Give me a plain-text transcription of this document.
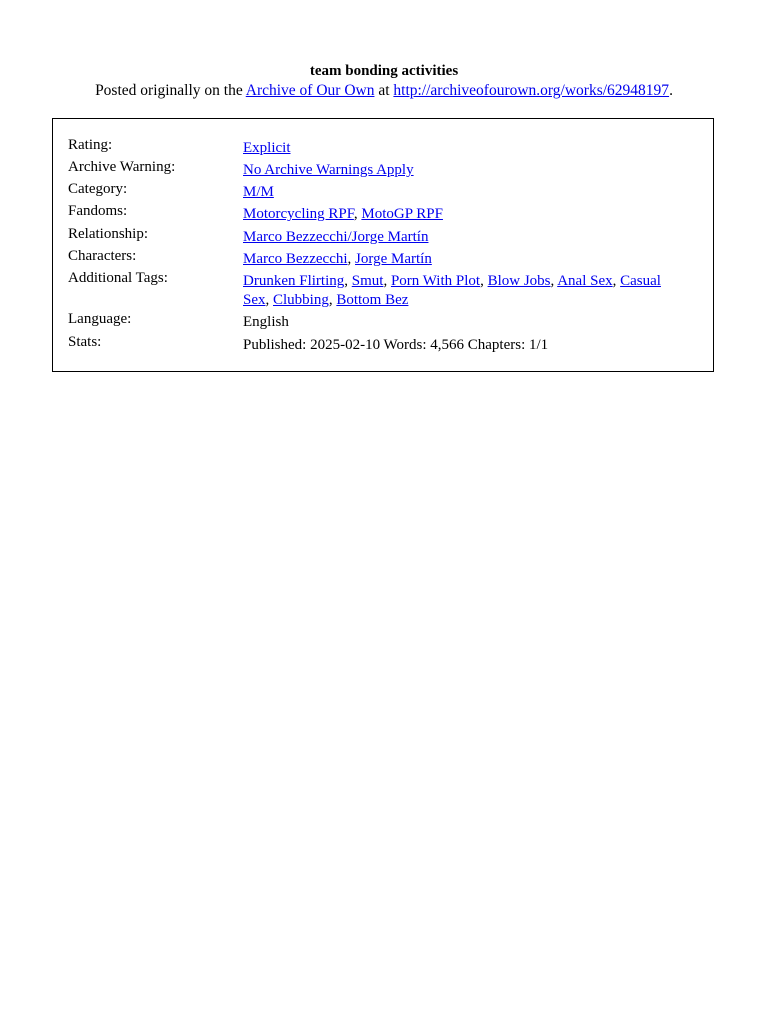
team bonding activities
Posted originally on the Archive of Our Own at http://archiveofourown.org/works/62948197.
Rating:	Explicit
Archive Warning:	No Archive Warnings Apply
Category:	M/M
Fandoms:	Motorcycling RPF, MotoGP RPF
Relationship:	Marco Bezzecchi/Jorge Martín
Characters:	Marco Bezzecchi, Jorge Martín
Additional Tags:	Drunken Flirting, Smut, Porn With Plot, Blow Jobs, Anal Sex, Casual Sex, Clubbing, Bottom Bez
Language:	English
Stats:	Published: 2025-02-10 Words: 4,566 Chapters: 1/1
